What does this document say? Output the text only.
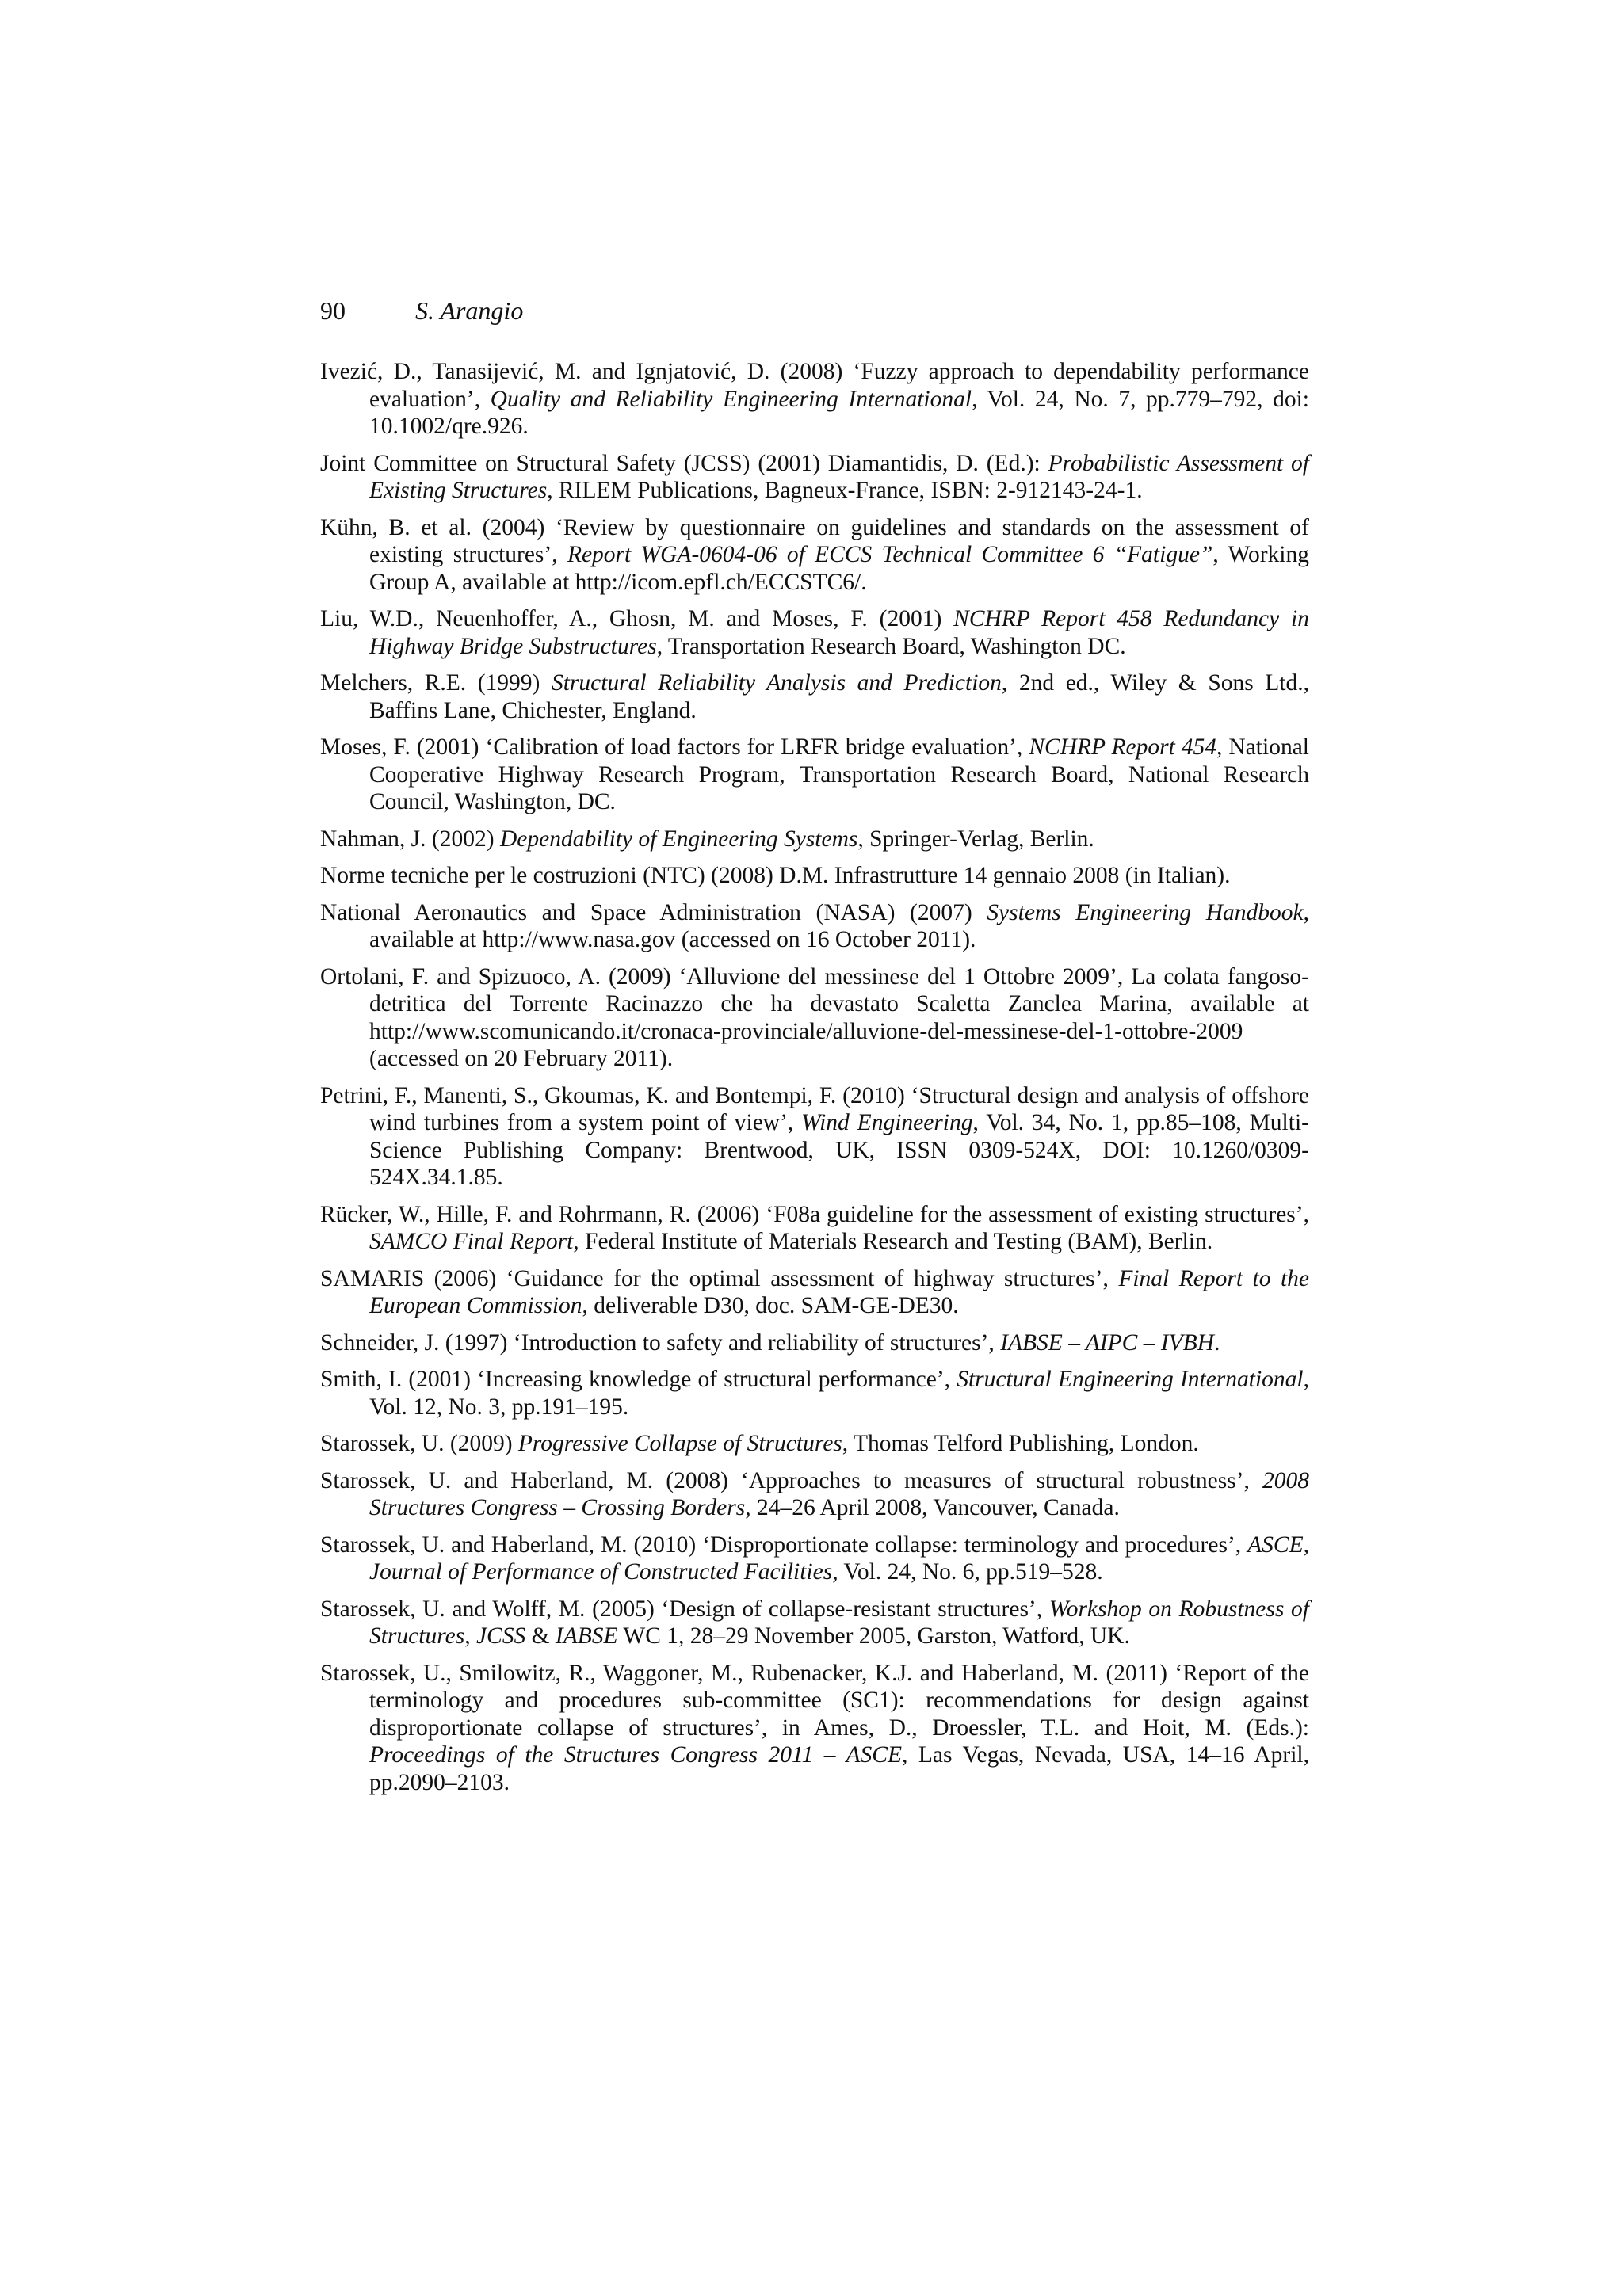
90	S. Arangio

Ivezić, D., Tanasijević, M. and Ignjatović, D. (2008) ‘Fuzzy approach to dependability performance evaluation’, Quality and Reliability Engineering International, Vol. 24, No. 7, pp.779–792, doi: 10.1002/qre.926.

Joint Committee on Structural Safety (JCSS) (2001) Diamantidis, D. (Ed.): Probabilistic Assessment of Existing Structures, RILEM Publications, Bagneux-France, ISBN: 2-912143-24-1.

Kühn, B. et al. (2004) ‘Review by questionnaire on guidelines and standards on the assessment of existing structures’, Report WGA-0604-06 of ECCS Technical Committee 6 “Fatigue”, Working Group A, available at http://icom.epfl.ch/ECCSTC6/.

Liu, W.D., Neuenhoffer, A., Ghosn, M. and Moses, F. (2001) NCHRP Report 458 Redundancy in Highway Bridge Substructures, Transportation Research Board, Washington DC.

Melchers, R.E. (1999) Structural Reliability Analysis and Prediction, 2nd ed., Wiley & Sons Ltd., Baffins Lane, Chichester, England.

Moses, F. (2001) ‘Calibration of load factors for LRFR bridge evaluation’, NCHRP Report 454, National Cooperative Highway Research Program, Transportation Research Board, National Research Council, Washington, DC.

Nahman, J. (2002) Dependability of Engineering Systems, Springer-Verlag, Berlin.

Norme tecniche per le costruzioni (NTC) (2008) D.M. Infrastrutture 14 gennaio 2008 (in Italian).

National Aeronautics and Space Administration (NASA) (2007) Systems Engineering Handbook, available at http://www.nasa.gov (accessed on 16 October 2011).

Ortolani, F. and Spizuoco, A. (2009) ‘Alluvione del messinese del 1 Ottobre 2009’, La colata fangoso-detritica del Torrente Racinazzo che ha devastato Scaletta Zanclea Marina, available at http://www.scomunicando.it/cronaca-provinciale/alluvione-del-messinese-del-1-ottobre-2009 (accessed on 20 February 2011).

Petrini, F., Manenti, S., Gkoumas, K. and Bontempi, F. (2010) ‘Structural design and analysis of offshore wind turbines from a system point of view’, Wind Engineering, Vol. 34, No. 1, pp.85–108, Multi-Science Publishing Company: Brentwood, UK, ISSN 0309-524X, DOI: 10.1260/0309-524X.34.1.85.

Rücker, W., Hille, F. and Rohrmann, R. (2006) ‘F08a guideline for the assessment of existing structures’, SAMCO Final Report, Federal Institute of Materials Research and Testing (BAM), Berlin.

SAMARIS (2006) ‘Guidance for the optimal assessment of highway structures’, Final Report to the European Commission, deliverable D30, doc. SAM-GE-DE30.

Schneider, J. (1997) ‘Introduction to safety and reliability of structures’, IABSE – AIPC – IVBH.

Smith, I. (2001) ‘Increasing knowledge of structural performance’, Structural Engineering International, Vol. 12, No. 3, pp.191–195.

Starossek, U. (2009) Progressive Collapse of Structures, Thomas Telford Publishing, London.

Starossek, U. and Haberland, M. (2008) ‘Approaches to measures of structural robustness’, 2008 Structures Congress – Crossing Borders, 24–26 April 2008, Vancouver, Canada.

Starossek, U. and Haberland, M. (2010) ‘Disproportionate collapse: terminology and procedures’, ASCE, Journal of Performance of Constructed Facilities, Vol. 24, No. 6, pp.519–528.

Starossek, U. and Wolff, M. (2005) ‘Design of collapse-resistant structures’, Workshop on Robustness of Structures, JCSS & IABSE WC 1, 28–29 November 2005, Garston, Watford, UK.

Starossek, U., Smilowitz, R., Waggoner, M., Rubenacker, K.J. and Haberland, M. (2011) ‘Report of the terminology and procedures sub-committee (SC1): recommendations for design against disproportionate collapse of structures’, in Ames, D., Droessler, T.L. and Hoit, M. (Eds.): Proceedings of the Structures Congress 2011 – ASCE, Las Vegas, Nevada, USA, 14–16 April, pp.2090–2103.
